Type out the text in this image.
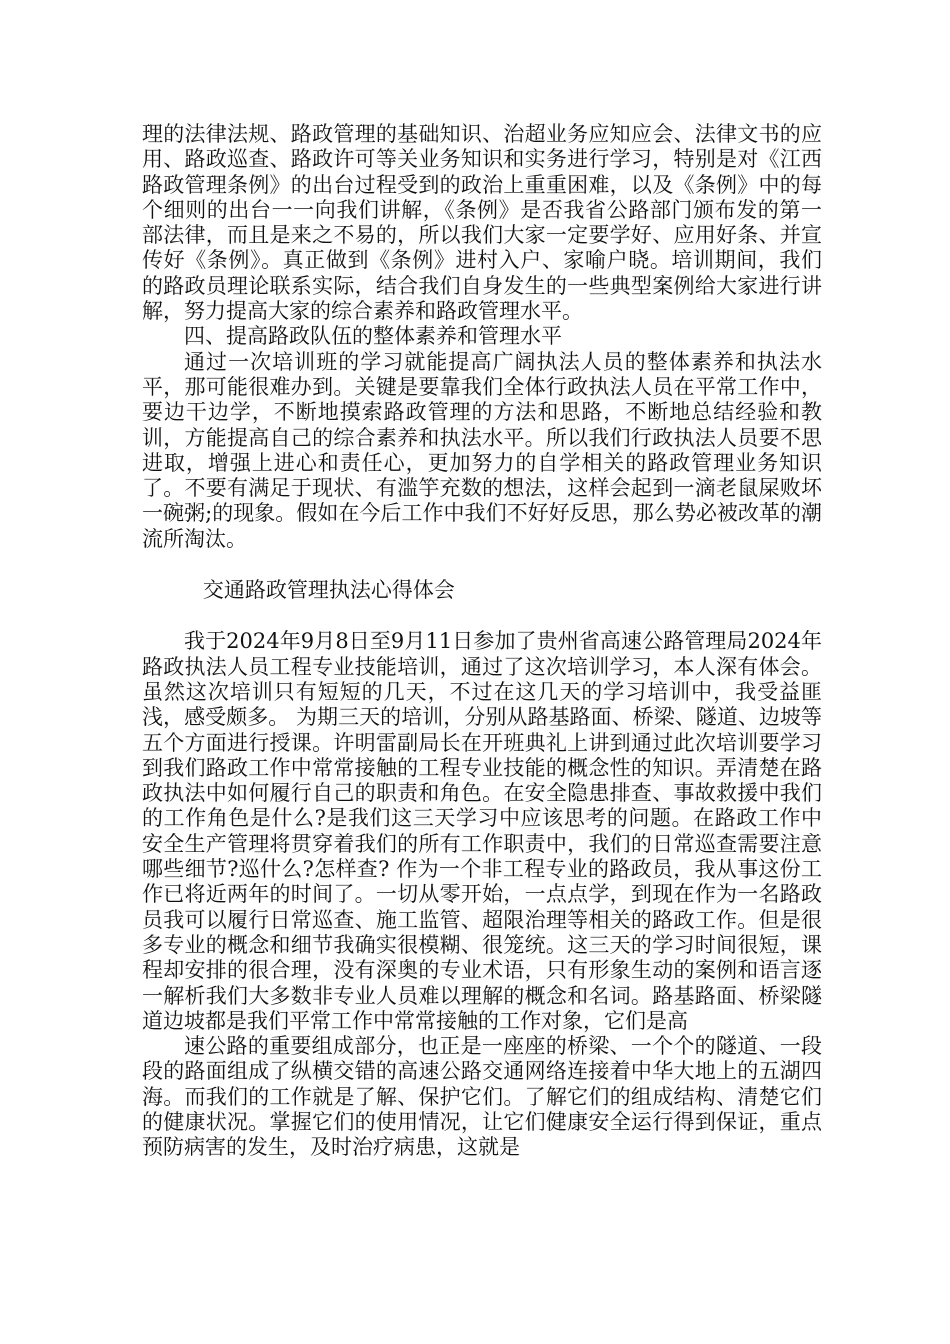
理的法律法规、路政管理的基础知识、治超业务应知应会、法律文书的应用、路政巡查、路政许可等关业务知识和实务进行学习，特别是对《江西路政管理条例》的出台过程受到的政治上重重困难，以及《条例》中的每个细则的出台一一向我们讲解，《条例》是否我省公路部门颁布发的第一部法律，而且是来之不易的，所以我们大家一定要学好、应用好条、并宣传好《条例》。真正做到《条例》进村入户、家喻户晓。培训期间，我们的路政员理论联系实际，结合我们自身发生的一些典型案例给大家进行讲解，努力提高大家的综合素养和路政管理水平。

四、提高路政队伍的整体素养和管理水平

通过一次培训班的学习就能提高广阔执法人员的整体素养和执法水平，那可能很难办到。关键是要靠我们全体行政执法人员在平常工作中，要边干边学，不断地摸索路政管理的方法和思路，不断地总结经验和教训，方能提高自己的综合素养和执法水平。所以我们行政执法人员要不思进取，增强上进心和责任心，更加努力的自学相关的路政管理业务知识了。不要有满足于现状、有滥竽充数的想法，这样会起到一滴老鼠屎败坏一碗粥;的现象。假如在今后工作中我们不好好反思，那么势必被改革的潮流所淘汰。

交通路政管理执法心得体会

我于2024年9月8日至9月11日参加了贵州省高速公路管理局2024年路政执法人员工程专业技能培训，通过了这次培训学习，本人深有体会。虽然这次培训只有短短的几天，不过在这几天的学习培训中，我受益匪浅，感受颇多。 为期三天的培训，分别从路基路面、桥梁、隧道、边坡等五个方面进行授课。许明雷副局长在开班典礼上讲到通过此次培训要学习到我们路政工作中常常接触的工程专业技能的概念性的知识。弄清楚在路政执法中如何履行自己的职责和角色。在安全隐患排查、事故救援中我们的工作角色是什么?是我们这三天学习中应该思考的问题。在路政工作中安全生产管理将贯穿着我们的所有工作职责中，我们的日常巡查需要注意哪些细节?巡什么?怎样查? 作为一个非工程专业的路政员，我从事这份工作已将近两年的时间了。一切从零开始，一点点学，到现在作为一名路政员我可以履行日常巡查、施工监管、超限治理等相关的路政工作。但是很多专业的概念和细节我确实很模糊、很笼统。这三天的学习时间很短，课程却安排的很合理，没有深奥的专业术语，只有形象生动的案例和语言逐一解析我们大多数非专业人员难以理解的概念和名词。路基路面、桥梁隧道边坡都是我们平常工作中常常接触的工作对象，它们是高

速公路的重要组成部分，也正是一座座的桥梁、一个个的隧道、一段段的路面组成了纵横交错的高速公路交通网络连接着中华大地上的五湖四海。而我们的工作就是了解、保护它们。了解它们的组成结构、清楚它们的健康状况。掌握它们的使用情况，让它们健康安全运行得到保证，重点预防病害的发生，及时治疗病患，这就是
